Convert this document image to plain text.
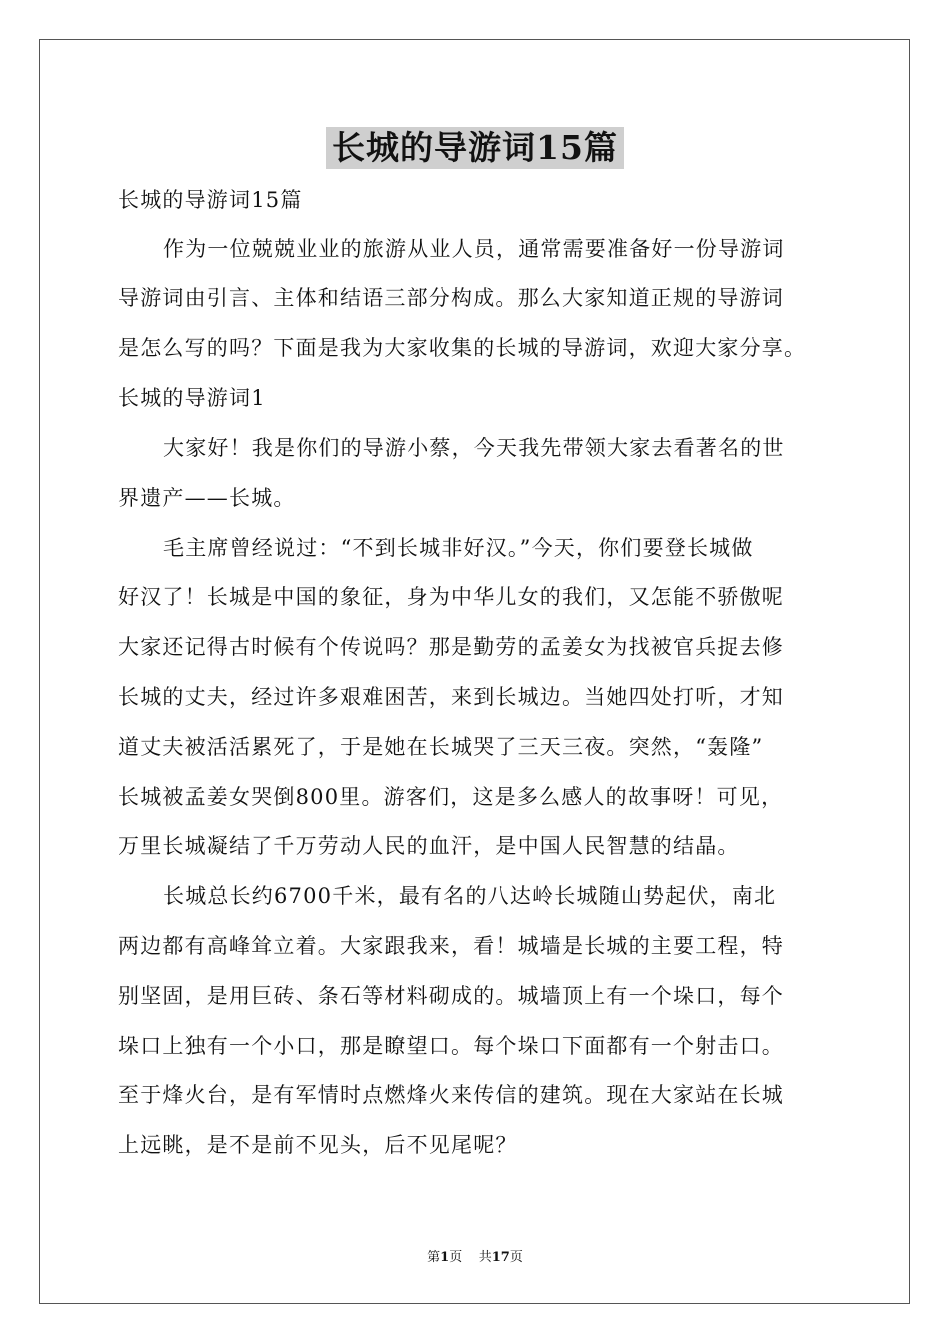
长城的导游词15篇
长城的导游词15篇
作为一位兢兢业业的旅游从业人员，通常需要准备好一份导游词
导游词由引言、主体和结语三部分构成。那么大家知道正规的导游词
是怎么写的吗？下面是我为大家收集的长城的导游词，欢迎大家分享。
长城的导游词1
大家好！我是你们的导游小蔡，今天我先带领大家去看著名的世
界遗产——长城。
毛主席曾经说过：“不到长城非好汉。”今天，你们要登长城做
好汉了！长城是中国的象征，身为中华儿女的我们，又怎能不骄傲呢
大家还记得古时候有个传说吗？那是勤劳的孟姜女为找被官兵捉去修
长城的丈夫，经过许多艰难困苦，来到长城边。当她四处打听，才知
道丈夫被活活累死了，于是她在长城哭了三天三夜。突然，“轰隆”
长城被孟姜女哭倒800里。游客们，这是多么感人的故事呀！可见，
万里长城凝结了千万劳动人民的血汗，是中国人民智慧的结晶。
长城总长约6700千米，最有名的八达岭长城随山势起伏，南北
两边都有高峰耸立着。大家跟我来，看！城墙是长城的主要工程，特
别坚固，是用巨砖、条石等材料砌成的。城墙顶上有一个垛口，每个
垛口上独有一个小口，那是瞭望口。每个垛口下面都有一个射击口。
至于烽火台，是有军情时点燃烽火来传信的建筑。现在大家站在长城
上远眺，是不是前不见头，后不见尾呢？
第1页 共17页
